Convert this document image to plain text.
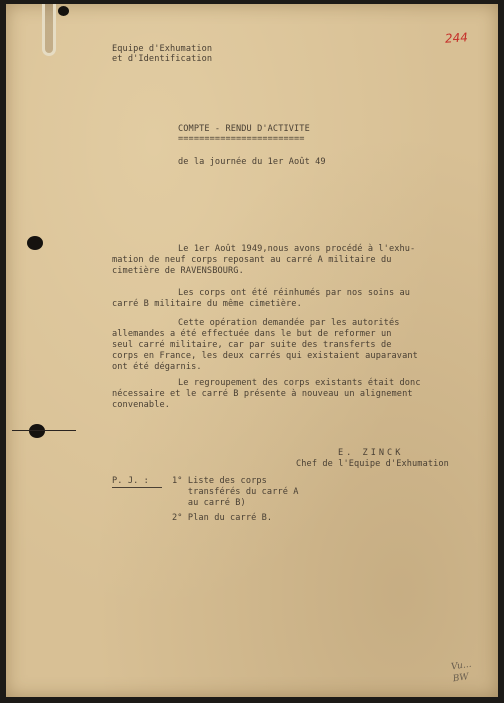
244
Equipe d'Exhumation
et d'Identification
COMPTE - RENDU D'ACTIVITE
========================
de la journée du 1er Août 49
Le 1er Août 1949,nous avons procédé à l'exhu-
mation de neuf corps reposant au carré A militaire du
cimetière de RAVENSBOURG.
Les corps ont été réinhumés par nos soins au
carré B militaire du même cimetière.
Cette opération demandée par les autorités
allemandes a été effectuée dans le but de reformer un
seul carré militaire, car par suite des transferts de
corps en France, les deux carrés qui existaient auparavant
ont été dégarnis.
Le regroupement des corps existants était donc
nécessaire et le carré B présente à nouveau un alignement
convenable.
E. ZINCK
Chef de l'Equipe d'Exhumation
P. J. :	1° Liste des corps
transférés du carré A
au carré B)
2° Plan du carré B.
Vu...
BW
